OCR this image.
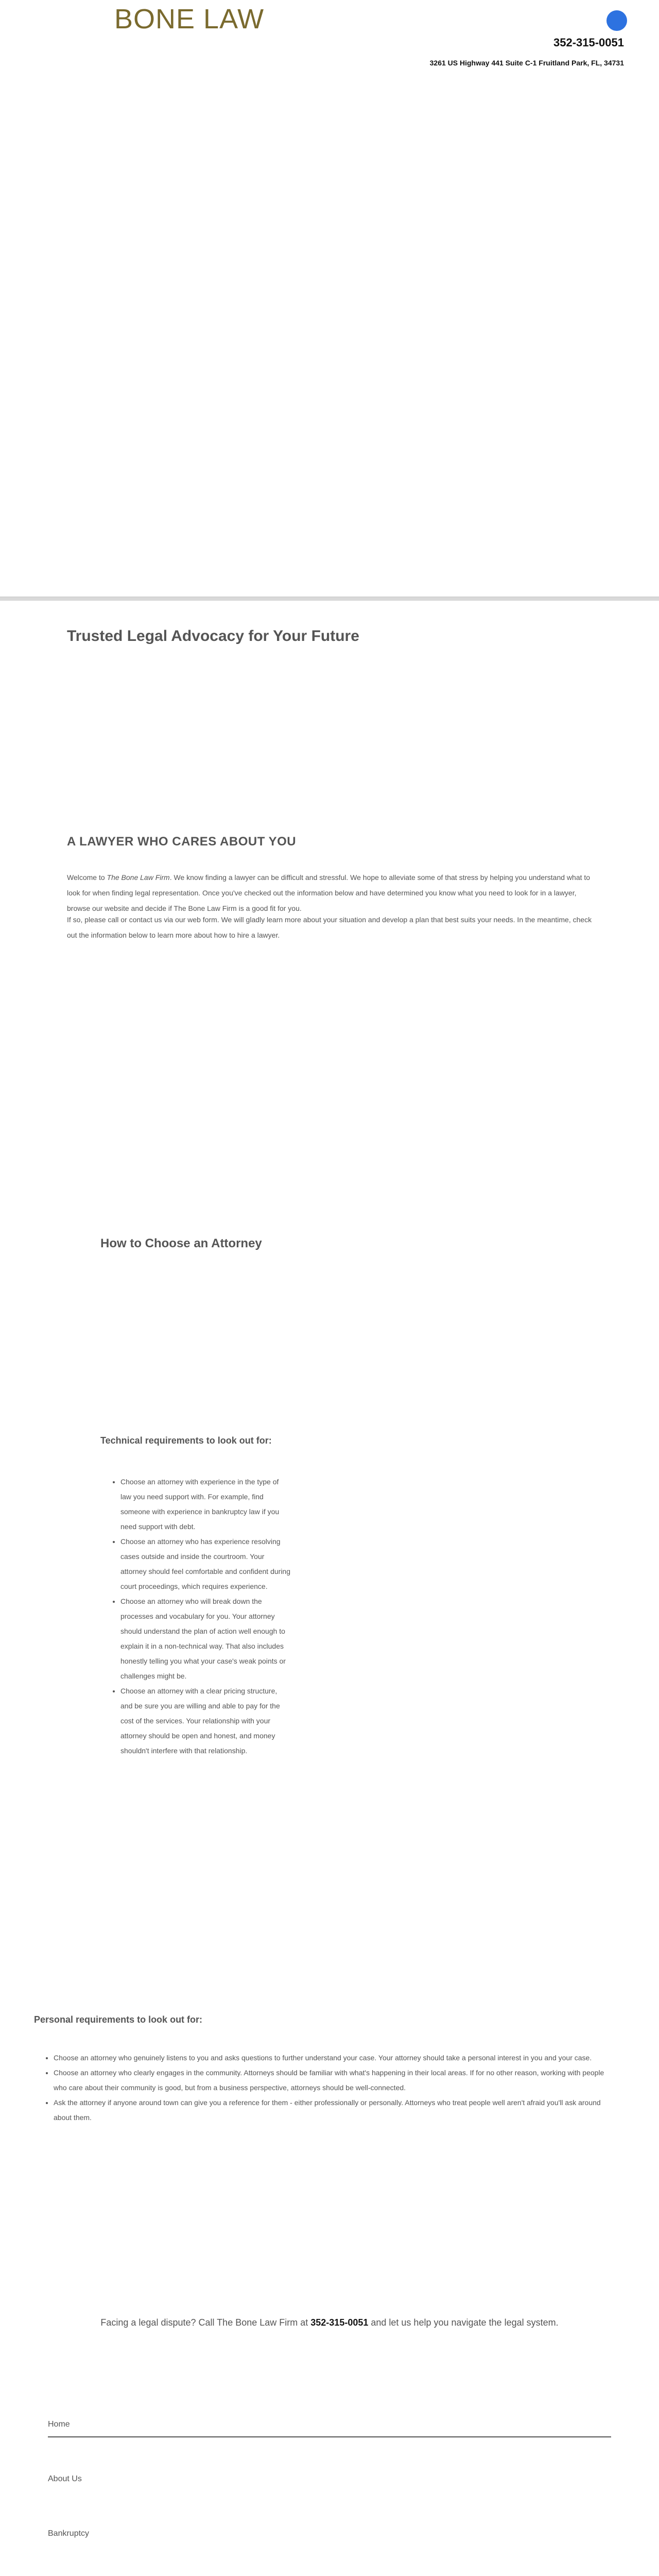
BONE LAW
352-315-0051
3261 US Highway 441 Suite C-1 Fruitland Park, FL, 34731
Trusted Legal Advocacy for Your Future
A LAWYER WHO CARES ABOUT YOU

Welcome to The Bone Law Firm. We know finding a lawyer can be difficult and stressful. We hope to alleviate some of that stress by helping you understand what to look for when finding legal representation. Once you've checked out the information below and have determined you know what you need to look for in a lawyer, browse our website and decide if The Bone Law Firm is a good fit for you.

If so, please call or contact us via our web form. We will gladly learn more about your situation and develop a plan that best suits your needs. In the meantime, check out the information below to learn more about how to hire a lawyer.

How to Choose an Attorney
Technical requirements to look out for:
• Choose an attorney with experience in the type of law you need support with. For example, find someone with experience in bankruptcy law if you need support with debt.
• Choose an attorney who has experience resolving cases outside and inside the courtroom. Your attorney should feel comfortable and confident during court proceedings, which requires experience.
• Choose an attorney who will break down the processes and vocabulary for you. Your attorney should understand the plan of action well enough to explain it in a non-technical way. That also includes honestly telling you what your case's weak points or challenges might be.
• Choose an attorney with a clear pricing structure, and be sure you are willing and able to pay for the cost of the services. Your relationship with your attorney should be open and honest, and money shouldn't interfere with that relationship.
Personal requirements to look out for:
• Choose an attorney who genuinely listens to you and asks questions to further understand your case. Your attorney should take a personal interest in you and your case.
• Choose an attorney who clearly engages in the community. Attorneys should be familiar with what's happening in their local areas. If for no other reason, working with people who care about their community is good, but from a business perspective, attorneys should be well-connected.
• Ask the attorney if anyone around town can give you a reference for them - either professionally or personally. Attorneys who treat people well aren't afraid you'll ask around about them.

Facing a legal dispute? Call The Bone Law Firm at 352-315-0051 and let us help you navigate the legal system.

Home
About Us
Bankruptcy
